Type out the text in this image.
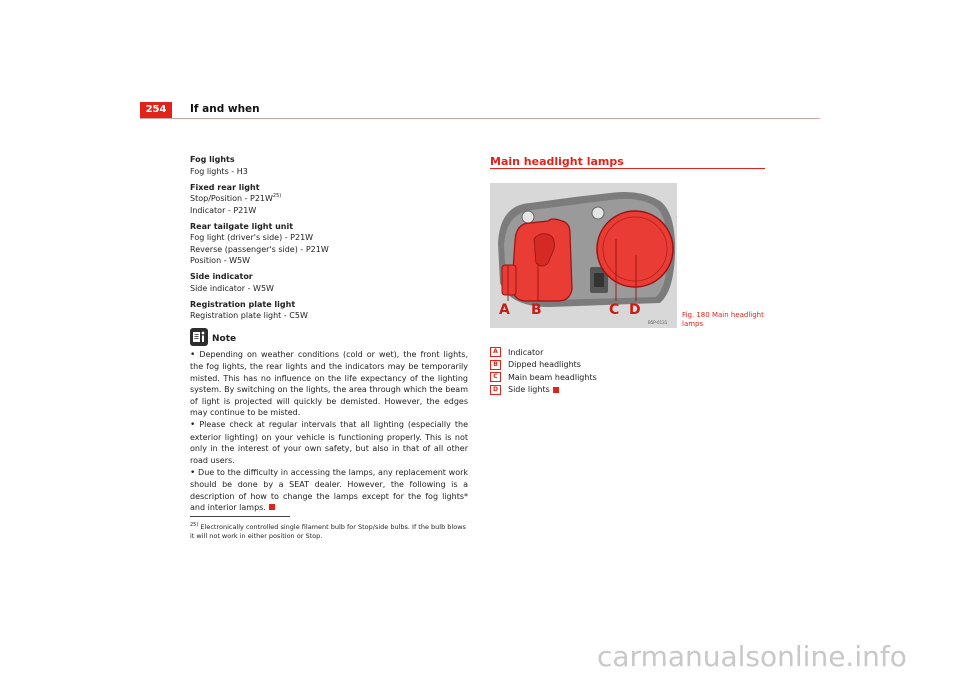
254	If and when
Fog lights
Fog lights - H3
Fixed rear light
Stop/Position - $P21W^{25)}$
Indicator - P21W
Rear tailgate light unit
Fog light (driver's side) - P21W
Reverse (passenger's side) - P21W
Position - W5W
Side indicator
Side indicator - W5W
Registration plate light
Registration plate light - C5W
Note
• Depending on weather conditions (cold or wet), the front lights, the fog lights, the rear lights and the indicators may be temporarily misted. This has no influence on the life expectancy of the lighting system. By switching on the lights, the area through which the beam of light is projected will quickly be demisted. However, the edges may continue to be misted.
• Please check at regular intervals that all lighting (especially the exterior lighting) on your vehicle is functioning properly. This is not only in the interest of your own safety, but also in that of all other road users.
• Due to the difficulty in accessing the lamps, any replacement work should be done by a SEAT dealer. However, the following is a description of how to change the lamps except for the fog lights* and interior lamps.
$^{25)}$ Electronically controlled single filament bulb for Stop/side bulbs. If the bulb blows it will not work in either position or Stop.
Main headlight lamps
A B	C D
B5P-0131
Fig. 180 Main headlight lamps
A	Indicator
B	Dipped headlights
C	Main beam headlights
D	Side lights
carmanualsonline.info
